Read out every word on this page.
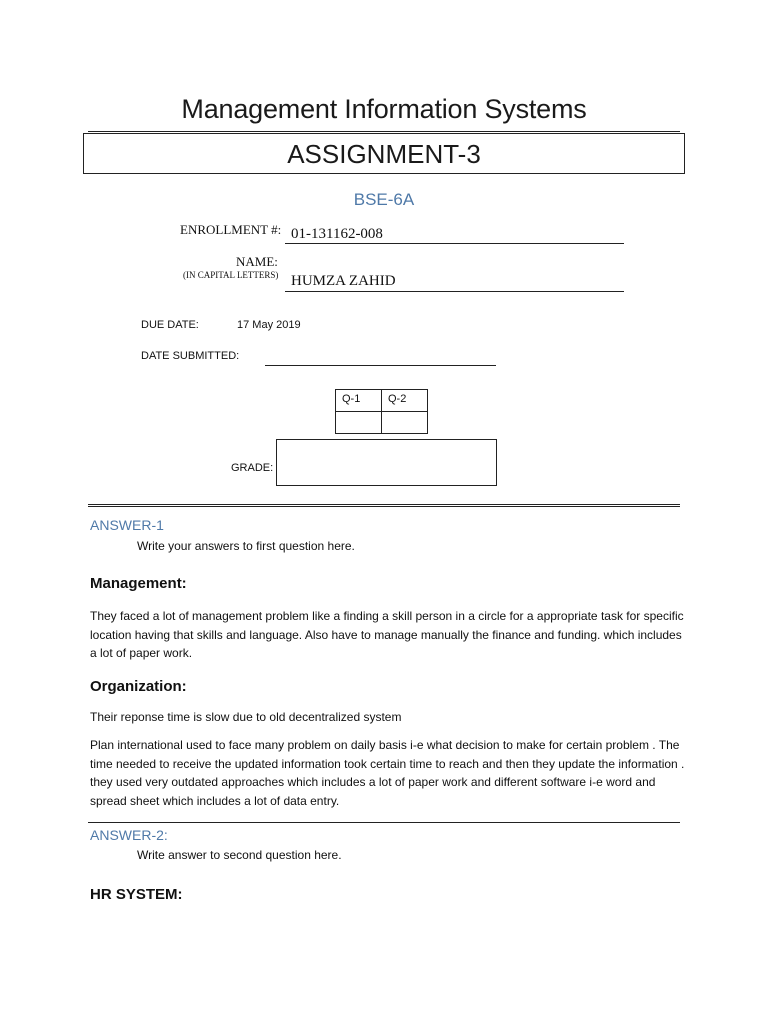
Management Information Systems
ASSIGNMENT-3
BSE-6A
ENROLLMENT #: 01-131162-008
NAME:
(IN CAPITAL LETTERS) HUMZA ZAHID
DUE DATE:	17 May 2019
DATE SUBMITTED:
Q-1	Q-2

GRADE:
ANSWER-1
Write your answers to first question here.
Management:

They faced a lot of management problem like a finding a skill person in a circle for a appropriate task for specific location having that skills and language. Also have to manage manually the finance and funding. which includes a lot of paper work.

Organization:

Their reponse time is slow due to old decentralized system

Plan international used to face many problem on daily basis i-e what decision to make for certain problem . The time needed to receive the updated information took certain time to reach and then they update the information . they used very outdated approaches which includes a lot of paper work and different software i-e word and spread sheet which includes a lot of data entry.

ANSWER-2:
Write answer to second question here.
HR SYSTEM:
